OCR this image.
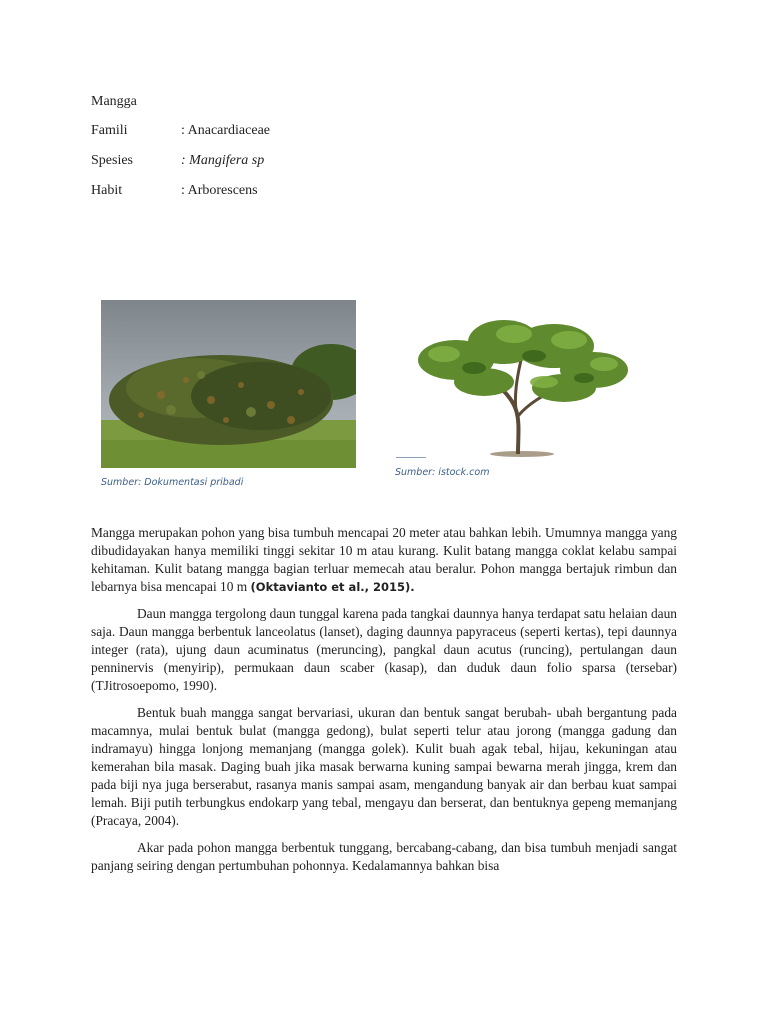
Mangga
Famili	: Anacardiaceae
Spesies	: Mangifera sp
Habit	: Arborescens
Sumber: Dokumentasi pribadi
Sumber: istock.com

Mangga merupakan pohon yang bisa tumbuh mencapai 20 meter atau bahkan lebih. Umumnya mangga yang dibudidayakan hanya memiliki tinggi sekitar 10 m atau kurang. Kulit batang mangga coklat kelabu sampai kehitaman. Kulit batang mangga bagian terluar memecah atau beralur. Pohon mangga bertajuk rimbun dan lebarnya bisa mencapai 10 m (Oktavianto et al., 2015).

Daun mangga tergolong daun tunggal karena pada tangkai daunnya hanya terdapat satu helaian daun saja. Daun mangga berbentuk lanceolatus (lanset), daging daunnya papyraceus (seperti kertas), tepi daunnya integer (rata), ujung daun acuminatus (meruncing), pangkal daun acutus (runcing), pertulangan daun penninervis (menyirip), permukaan daun scaber (kasap), dan duduk daun folio sparsa (tersebar) (TJitrosoepomo, 1990).

Bentuk buah mangga sangat bervariasi, ukuran dan bentuk sangat berubah- ubah bergantung pada macamnya, mulai bentuk bulat (mangga gedong), bulat seperti telur atau jorong (mangga gadung dan indramayu) hingga lonjong memanjang (mangga golek). Kulit buah agak tebal, hijau, kekuningan atau kemerahan bila masak. Daging buah jika masak berwarna kuning sampai bewarna merah jingga, krem dan pada biji nya juga berserabut, rasanya manis sampai asam, mengandung banyak air dan berbau kuat sampai lemah. Biji putih terbungkus endokarp yang tebal, mengayu dan berserat, dan bentuknya gepeng memanjang (Pracaya, 2004).

Akar pada pohon mangga berbentuk tunggang, bercabang-cabang, dan bisa tumbuh menjadi sangat panjang seiring dengan pertumbuhan pohonnya. Kedalamannya bahkan bisa
